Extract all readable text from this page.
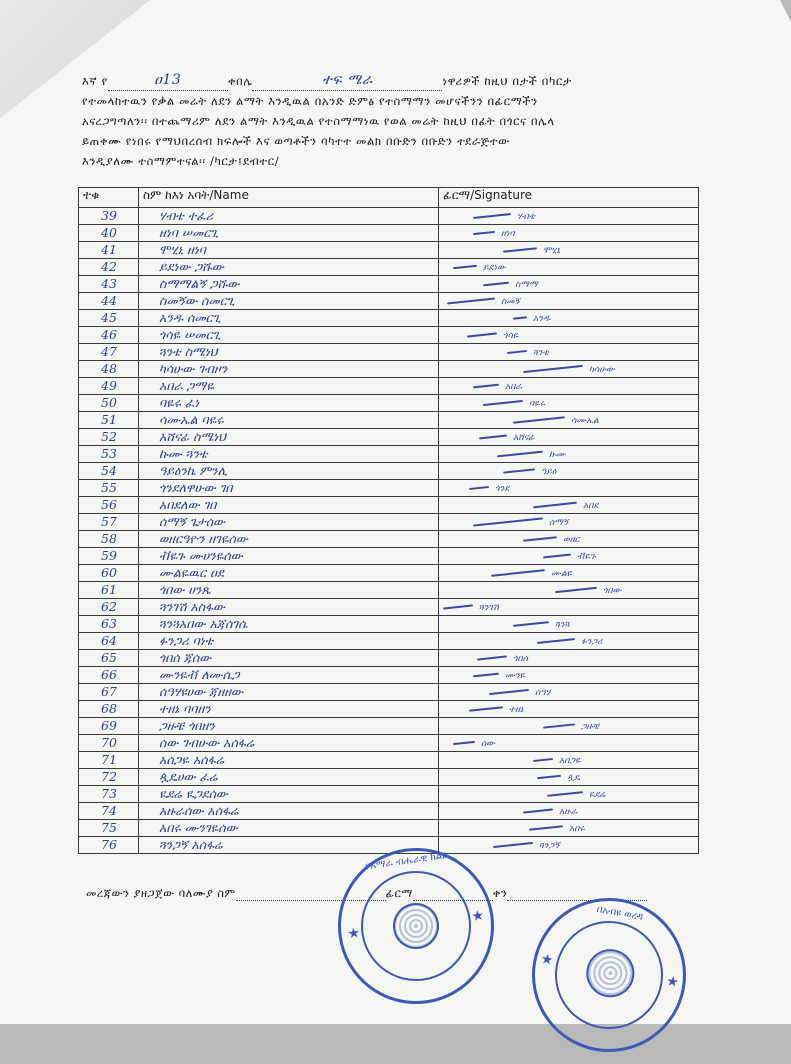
እኛ የ	ዐ13	ቀበሌ	ተፍ ሜራ	ነዋሪዎች ከዚህ በታች በካርታ
የተመላከተዉን የቃል መሬት ለደን ልማት እንዲዉል በአንድ ድምፅ የተስማማን መሆናችንን በፊርማችን
አናረጋግጣለን፡፡ በተጨማሪም ለደን ልማት እንዲዉል የተስማማነዉ የወል መሬት ከዚህ በፊት በጎርና በሌላ
ይጠቀሙ የነበሩ የማህበረሰብ ክፍሎች እና ወጣቶችን ባካተተ መልክ በቡድን በቡድን ተደራጅተው
እንዲያለሙ ተስማምተናል፡፡ /ካርታ፤ደብተር/
ተቁ	ስም ከእነ አባት/Name	ፊርማ/Signature
39	ሃብቴ ተፈሪ	ሃብቴ
40	ዘነባ ሠመርጊ	ዘነባ
41	ሞሂኒ ዘነባ	ሞሂኒ
42	ይደነው ጋሹው	ይደነው
43	ስማማልኝ ጋሹው	ስማማ
44	ስመኝው ሰመርጊ	ስመኝ
45	አንዱ ሰመርጊ	አንዱ
46	ጎሳዬ ሠመርጊ	ጎሳዬ
47	ጓንቴ ስሜነህ	ጓንቴ
48	ካሳሁው ገብዞን	ካሳሁው
49	አበራ ጋማዬ	አበራ
50	ባዬሩ ፈነ	ባዬሩ
51	ሳሙኤል ባዬሩ	ሳሙኤል
52	አሸናፊ ስሜነህ	አሸናፊ
53	ኩሙ ጓንቴ	ኩሙ
54	ዓይዕንኬ ምንሊ	ዓይዕ
55	ጎንደለዋሁው ገበ	ጎንደ
56	አበደለው ገበ	አበደ
57	ሰማኝ ጌታሰው	ሰማኝ
58	ወዘርዓዮን ዘገዬሰው	ወዘር
59	ቭዬጉ ሙሀንዬሰው	ቭዬጉ
60	ሙልዬዉር ዐደ	ሙልዬ
61	ጎበው ሀንጼ	ጎበው
62	ጓንገሽ አስፋው	ጓንገሽ
63	ጓንጓአበው አጃሰገሴ	ጓንጓ
64	ፉንጋሪ ባነቴ	ፉንጋሪ
65	ጎበሰ ጃሰው	ጎበሰ
66	ሙንዬቭ ለሙሴጋ	ሙንዬ
67	ሰዓሃዩሀው ጃዘዘው	ሰዓሃ
68	ተዘኔ ባባዘን	ተዘኔ
69	ጋዙቼ ጎበዘን	ጋዙቼ
70	ሰው ገብሁው አሰፋሬ	ሰው
71	አሰጋዬ አሰፋሬ	አሰጋዬ
72	ጷዴሀው ፈሬ	ጷዴ
73	ዪደሬ ዪጋደሰው	ዪደሬ
74	አዙራሰው አሰፋሬ	አዙራ
75	አበሩ ሙንገዬሰው	አበሩ
76	ጓንጋኝ አሰፋሬ	ጓንጋኝ
መረጃውን ያዘጋጀው ባለሙያ ስም	ፊርማ	ቀን
የአማራ ብሔራዊ ክልል
★
★	በአብዩ ወረዳ
★
★
